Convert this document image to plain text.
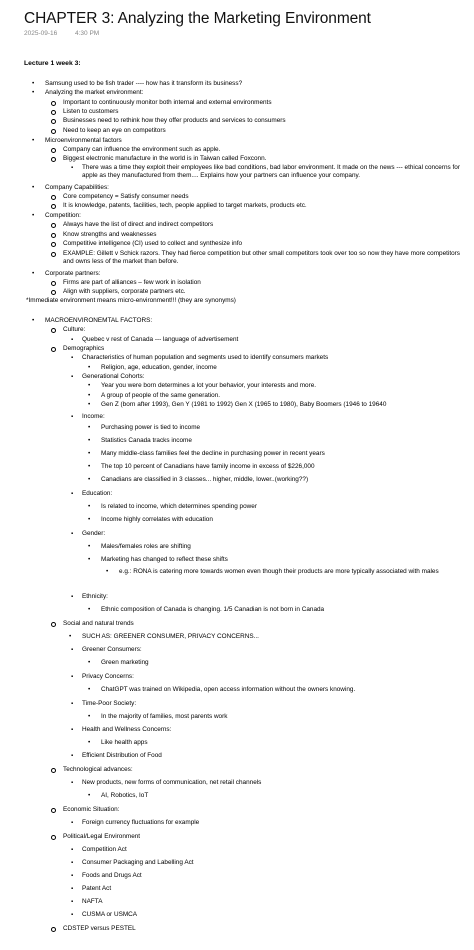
CHAPTER 3: Analyzing the Marketing Environment
2025-09-16	4:30 PM
Lecture 1 week 3:
• Samsung used to be fish trader ---- how has it transform its business?
• Analyzing the market environment:
Important to continuously monitor both internal and external environments
Listen to customers
Businesses need to rethink how they offer products and services to consumers
Need to keep an eye on competitors
• Microenvironmental factors
Company can influence the environment such as apple.
Biggest electronic manufacture in the world is in Taiwan called Foxconn.
▪ There was a time they exploit their employees like bad conditions, bad labor environment. It made on the news --- ethical concerns for apple as they manufactured from them.... Explains how your partners can influence your company.
• Company Capabilities:
Core competency = Satisfy consumer needs
It is knowledge, patents, facilities, tech, people applied to target markets, products etc.
• Competition:
Always have the list of direct and indirect competitors
Know strengths and weaknesses
Competitive intelligence (CI) used to collect and synthesize info
EXAMPLE: Gillett v Schick razors. They had fierce competition but other small competitors took over too so now they have more competitors and owns less of the market than before.
• Corporate partners:
Firms are part of alliances – few work in isolation
Align with suppliers, corporate partners etc.
*Immediate environment means micro-environment!!! (they are synonyms)
• MACROENVIRONEMTAL FACTORS:
Culture:
▪ Quebec v rest of Canada --- language of advertisement
Demographics
▪ Characteristics of human population and segments used to identify consumers markets
• Religion, age, education, gender, income
▪ Generational Cohorts:
• Year you were born determines a lot your behavior, your interests and more.
• A group of people of the same generation.
• Gen Z (born after 1993), Gen Y (1981 to 1992) Gen X (1965 to 1980), Baby Boomers (1946 to 19640
▪ Income:
• Purchasing power is tied to income
• Statistics Canada tracks income
• Many middle-class families feel the decline in purchasing power in recent years
• The top 10 percent of Canadians have family income in excess of $226,000
• Canadians are classified in 3 classes... higher, middle, lower..(working??)
▪ Education:
• Is related to income, which determines spending power
• Income highly correlates with education
▪ Gender:
• Males/females roles are shifting
• Marketing has changed to reflect these shifts
• e.g.: RONA is catering more towards women even though their products are more typically associated with males
▪ Ethnicity:
• Ethnic composition of Canada is changing. 1/5 Canadian is not born in Canada
Social and natural trends
• SUCH AS: GREENER CONSUMER, PRIVACY CONCERNS...
▪ Greener Consumers:
• Green marketing
▪ Privacy Concerns:
• ChatGPT was trained on Wikipedia, open access information without the owners knowing.
▪ Time-Poor Society:
• In the majority of families, most parents work
▪ Health and Wellness Concerns:
• Like health apps
▪ Efficient Distribution of Food
Technological advances:
▪ New products, new forms of communication, net retail channels
• AI, Robotics, IoT
Economic Situation:
▪ Foreign currency fluctuations for example
Political/Legal Environment
▪ Competition Act
▪ Consumer Packaging and Labelling Act
▪ Foods and Drugs Act
▪ Patent Act
▪ NAFTA
▪ CUSMA or USMCA
CDSTEP versus PESTEL
